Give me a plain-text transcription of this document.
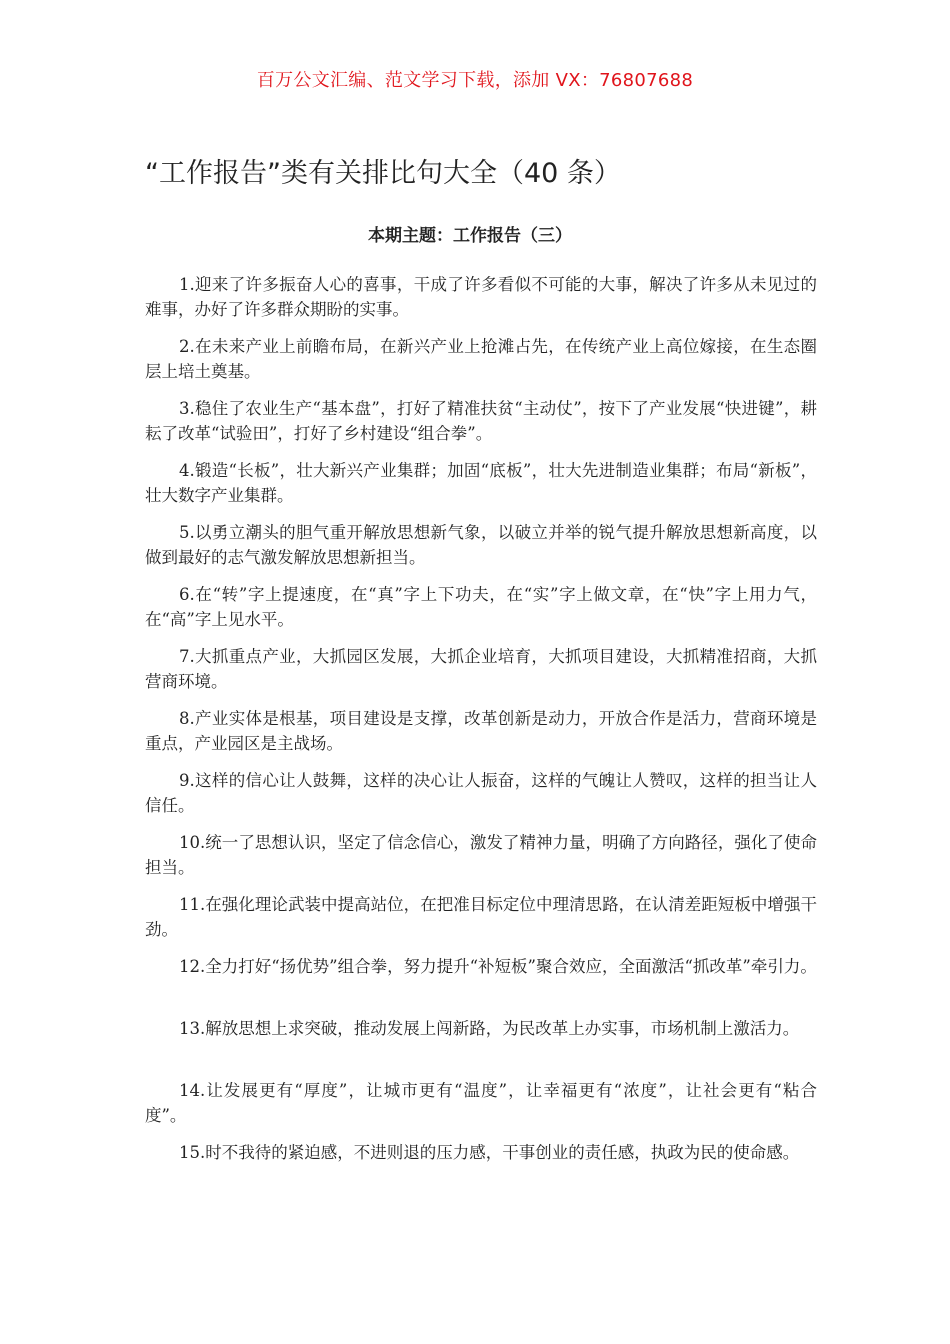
百万公文汇编、范文学习下载，添加 VX：76807688
“工作报告”类有关排比句大全（40 条）
本期主题：工作报告（三）
1.迎来了许多振奋人心的喜事，干成了许多看似不可能的大事，解决了许多从未见过的难事，办好了许多群众期盼的实事。
2.在未来产业上前瞻布局，在新兴产业上抢滩占先，在传统产业上高位嫁接，在生态圈层上培土奠基。
3.稳住了农业生产“基本盘”，打好了精准扶贫“主动仗”，按下了产业发展“快进键”，耕耘了改革“试验田”，打好了乡村建设“组合拳”。
4.锻造“长板”，壮大新兴产业集群；加固“底板”，壮大先进制造业集群；布局“新板”，壮大数字产业集群。
5.以勇立潮头的胆气重开解放思想新气象，以破立并举的锐气提升解放思想新高度，以做到最好的志气激发解放思想新担当。
6.在“转”字上提速度，在“真”字上下功夫，在“实”字上做文章，在“快”字上用力气，在“高”字上见水平。
7.大抓重点产业，大抓园区发展，大抓企业培育，大抓项目建设，大抓精准招商，大抓营商环境。
8.产业实体是根基，项目建设是支撑，改革创新是动力，开放合作是活力，营商环境是重点，产业园区是主战场。
9.这样的信心让人鼓舞，这样的决心让人振奋，这样的气魄让人赞叹，这样的担当让人信任。
10.统一了思想认识，坚定了信念信心，激发了精神力量，明确了方向路径，强化了使命担当。
11.在强化理论武装中提高站位，在把准目标定位中理清思路，在认清差距短板中增强干劲。
12.全力打好“扬优势”组合拳，努力提升“补短板”聚合效应，全面激活“抓改革”牵引力。
13.解放思想上求突破，推动发展上闯新路，为民改革上办实事，市场机制上激活力。
14.让发展更有“厚度”，让城市更有“温度”，让幸福更有“浓度”，让社会更有“粘合度”。
15.时不我待的紧迫感，不进则退的压力感，干事创业的责任感，执政为民的使命感。
